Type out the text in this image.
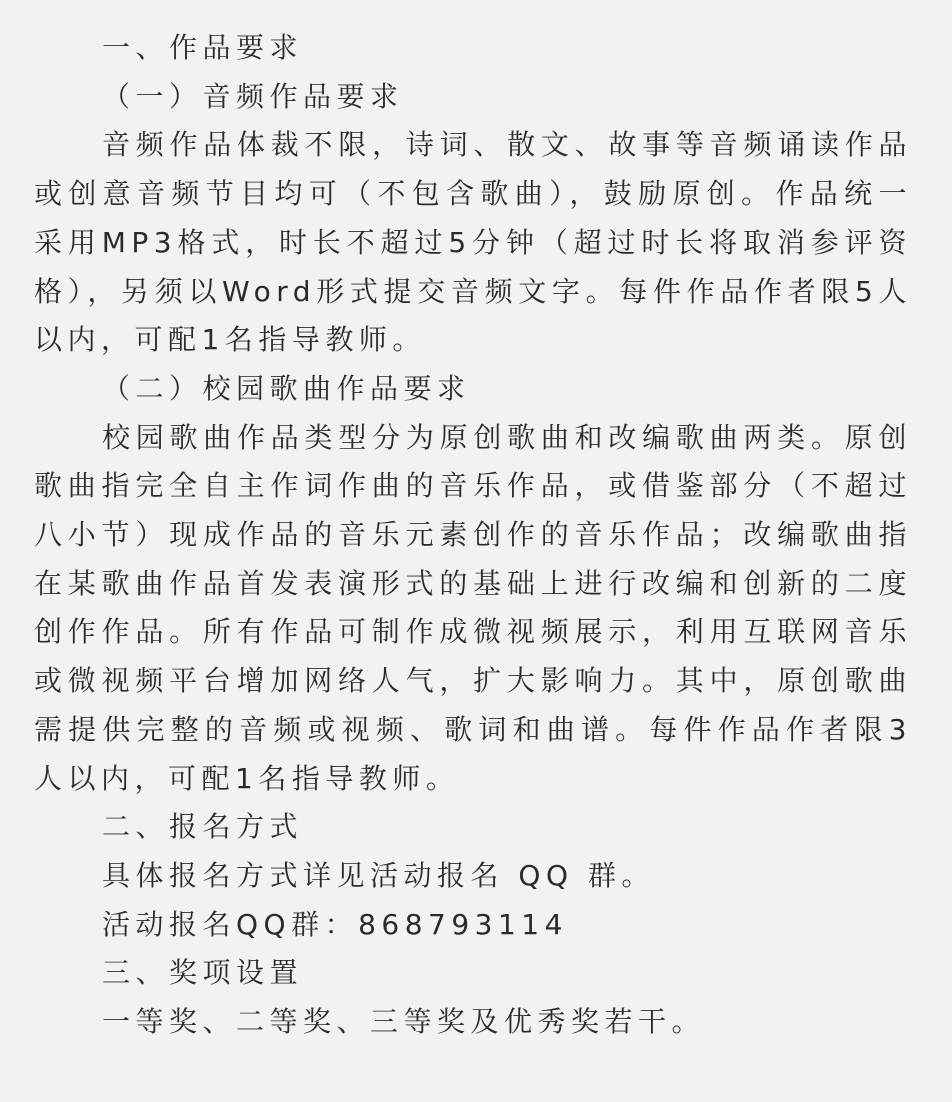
一、作品要求

（一）音频作品要求

音频作品体裁不限，诗词、散文、故事等音频诵读作品或创意音频节目均可（不包含歌曲），鼓励原创。作品统一采用MP3格式，时长不超过5分钟（超过时长将取消参评资格），另须以Word形式提交音频文字。每件作品作者限5人以内，可配1名指导教师。

（二）校园歌曲作品要求

校园歌曲作品类型分为原创歌曲和改编歌曲两类。原创歌曲指完全自主作词作曲的音乐作品，或借鉴部分（不超过八小节）现成作品的音乐元素创作的音乐作品；改编歌曲指在某歌曲作品首发表演形式的基础上进行改编和创新的二度创作作品。所有作品可制作成微视频展示，利用互联网音乐或微视频平台增加网络人气，扩大影响力。其中，原创歌曲需提供完整的音频或视频、歌词和曲谱。每件作品作者限3人以内，可配1名指导教师。

二、报名方式

具体报名方式详见活动报名 QQ 群。

活动报名QQ群：868793114

三、奖项设置

一等奖、二等奖、三等奖及优秀奖若干。
